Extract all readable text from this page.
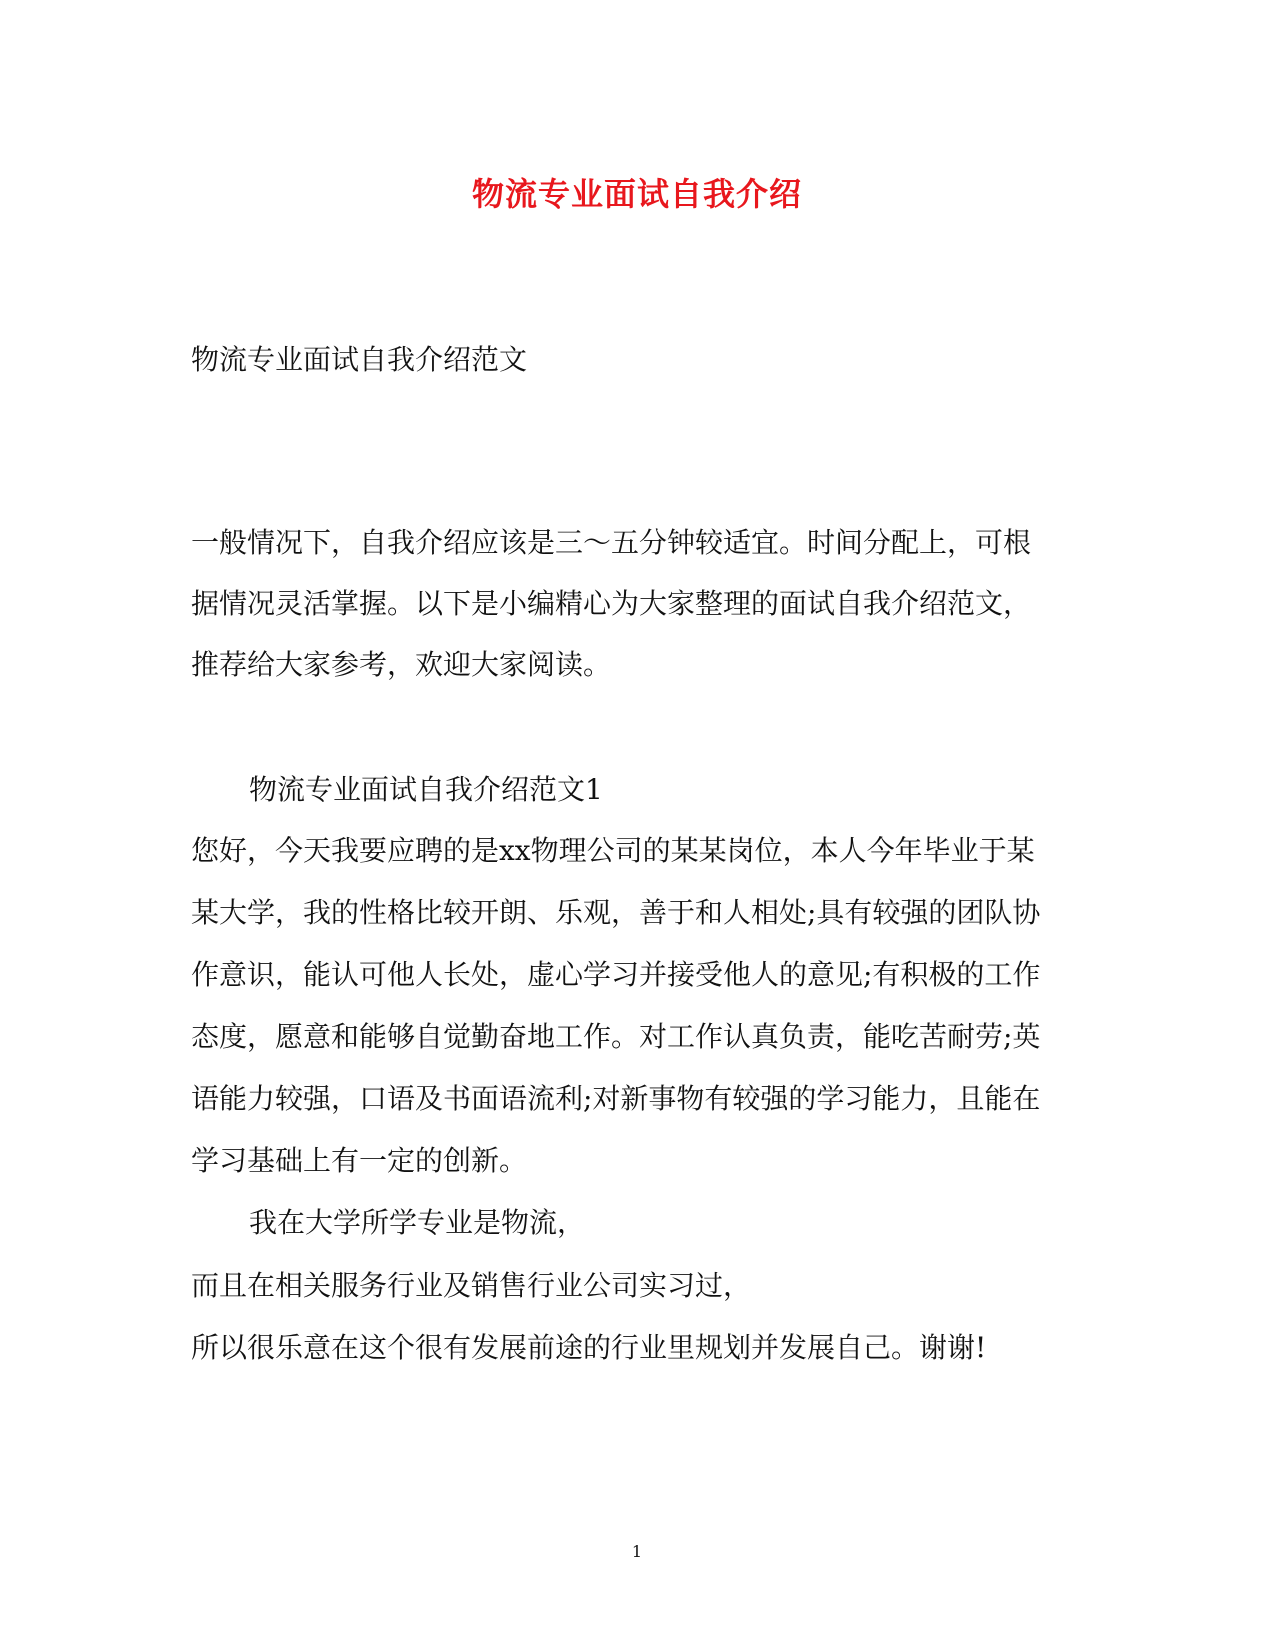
物流专业面试自我介绍
物流专业面试自我介绍范文
一般情况下，自我介绍应该是三～五分钟较适宜。时间分配上，可根
据情况灵活掌握。以下是小编精心为大家整理的面试自我介绍范文，
推荐给大家参考，欢迎大家阅读。
物流专业面试自我介绍范文1
您好，今天我要应聘的是xx物理公司的某某岗位，本人今年毕业于某
某大学，我的性格比较开朗、乐观，善于和人相处;具有较强的团队协
作意识，能认可他人长处，虚心学习并接受他人的意见;有积极的工作
态度，愿意和能够自觉勤奋地工作。对工作认真负责，能吃苦耐劳;英
语能力较强，口语及书面语流利;对新事物有较强的学习能力，且能在
学习基础上有一定的创新。
我在大学所学专业是物流，
而且在相关服务行业及销售行业公司实习过，
所以很乐意在这个很有发展前途的行业里规划并发展自己。谢谢!
1
